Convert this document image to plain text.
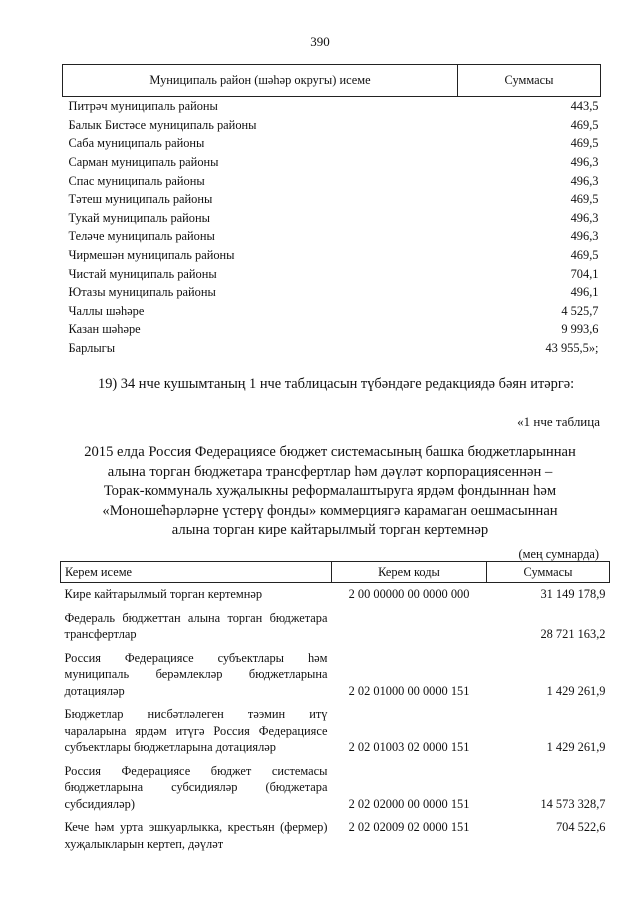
390
Муниципаль район (шәһәр округы) исеме	Суммасы
Питрәч муниципаль районы	443,5
Балык Бистәсе муниципаль районы	469,5
Саба муниципаль районы	469,5
Сарман муниципаль районы	496,3
Спас муниципаль районы	496,3
Тәтеш муниципаль районы	469,5
Тукай муниципаль районы	496,3
Теләче муниципаль районы	496,3
Чирмешән муниципаль районы	469,5
Чистай муниципаль районы	704,1
Ютазы муниципаль районы	496,1
Чаллы шәһәре	4 525,7
Казан шәһәре	9 993,6
Барлыгы	43 955,5»;
19) 34 нче кушымтаның 1 нче таблицасын түбәндәге редакциядә бәян итәргә:
«1 нче таблица
2015 елда Россия Федерациясе бюджет системасының башка бюджетларыннан
алына торган бюджетара трансфертлар һәм дәүләт корпорациясеннән –
Торак-коммуналь хуҗалыкны реформалаштыруга ярдәм фондыннан һәм
«Моноше̇һәрләрне үстерү фонды» коммерциягә карамаган оешмасыннан
алына торган кире кайтарылмый торган кертемнәр
(мең сумнарда)
Керем исеме	Керем коды	Суммасы
Кире кайтарылмый торган кертемнәр	2 00 00000 00 0000 000	31 149 178,9
Федераль бюджеттан алына торган бюджетара трансфертлар		28 721 163,2
Россия Федерациясе субъектлары һәм муниципаль берәмлекләр бюджетларына дотацияләр	2 02 01000 00 0000 151	1 429 261,9
Бюджетлар нисбәтләлеген тәэмин итү чараларына ярдәм итүгә Россия Федерациясе субъектлары бюджетларына дотацияләр	2 02 01003 02 0000 151	1 429 261,9
Россия Федерациясе бюджет системасы бюджетларына субсидияләр (бюджетара субсидияләр)	2 02 02000 00 0000 151	14 573 328,7
Кече һәм урта эшкуарлыкка, крестьян (фермер) хуҗалыкларын кертеп, дәүләт	2 02 02009 02 0000 151	704 522,6
